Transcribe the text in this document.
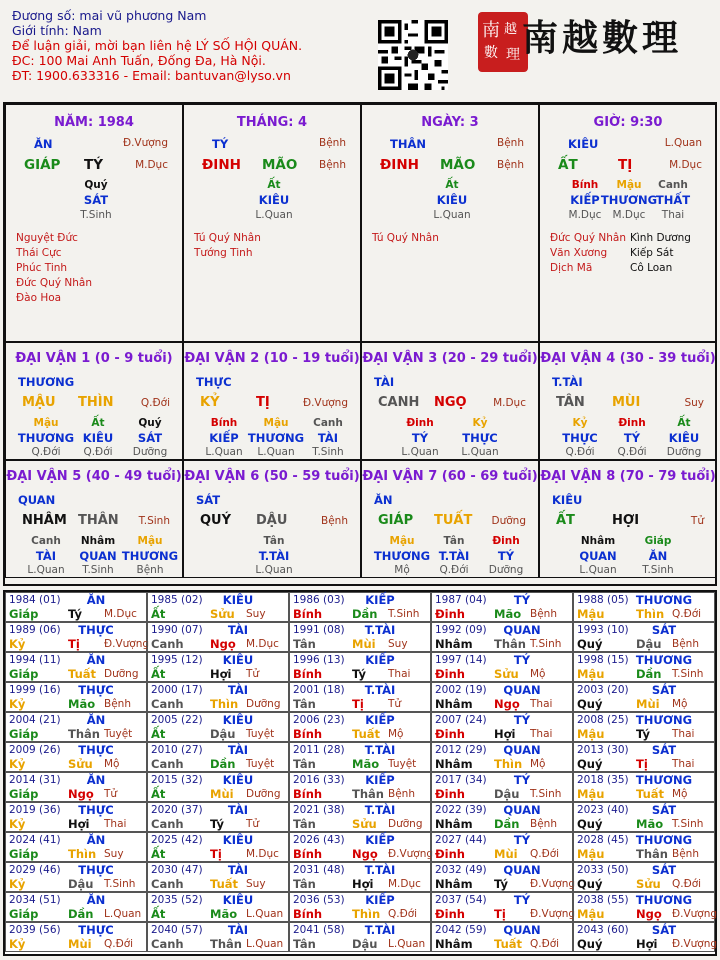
Đương số: mai vũ phương Nam
Giới tính: Nam
Để luận giải, mời bạn liên hệ LÝ SỐ HỘI QUÁN.
ĐC: 100 Mai Anh Tuấn, Đống Đa, Hà Nội.
ĐT: 1900.633316 - Email: bantuvan@lyso.vn
南 越
數 理 南越數理
NĂM: 1984
ĂN	Đ.Vượng
GIÁP TÝ	M.Dục
Quý
SÁT
T.Sinh
Nguyệt Đức
Thái Cực
Phúc Tinh
Đức Quý Nhân
Đào Hoa
THÁNG: 4
TÝ	Bệnh
ĐINH MÃO Bệnh
Ất
KIÊU
L.Quan
Tú Quý Nhân
Tướng Tinh
NGÀY: 3
THÂN	Bệnh
ĐINH MÃO Bệnh
Ất
KIÊU
L.Quan
Tú Quý Nhân
GIỜ: 9:30
KIÊU	L.Quan
ẤT	TỊ	M.Dục
Bính
KIẾP
M.Dục
Mậu
THƯƠNG
M.Dục
Canh
THẤT
Thai
Đức Quý Nhân
Văn Xương
Dịch Mã
Kình Dương
Kiếp Sát
Cô Loan
ĐẠI VẬN 1 (0 - 9 tuổi)
THƯƠNG
MẬU THÌN	Q.Đới
Mậu
THƯƠNG
Q.Đới
Ất
KIÊU
Q.Đới
Quý
SÁT
Dưỡng
ĐẠI VẬN 2 (10 - 19 tuổi)
THỰC
KỶ	TỊ	Đ.Vượng
Bính
KIẾP
L.Quan
Mậu
THƯƠNG
L.Quan
Canh
TÀI
T.Sinh
ĐẠI VẬN 3 (20 - 29 tuổi)
TÀI
CANH NGỌ	M.Dục
Đinh
TÝ
L.Quan
Kỷ
THỰC
L.Quan
ĐẠI VẬN 4 (30 - 39 tuổi)
T.TÀI
TÂN MÙI	Suy
Kỷ
THỰC
Q.Đới
Đinh
TÝ
Q.Đới
Ất
KIÊU
Dưỡng
ĐẠI VẬN 5 (40 - 49 tuổi)
QUAN
NHÂM THÂN T.Sinh
Canh
TÀI
L.Quan
Nhâm
QUAN
T.Sinh
Mậu
THƯƠNG
Bệnh
ĐẠI VẬN 6 (50 - 59 tuổi)
SÁT
QUÝ DẬU	Bệnh
Tân
T.TÀI
L.Quan
ĐẠI VẬN 7 (60 - 69 tuổi)
ĂN
GIÁP TUẤT Dưỡng
Mậu
THƯƠNG
Mộ
Tân
T.TÀI
Q.Đới
Đinh
TÝ
Dưỡng
ĐẠI VẬN 8 (70 - 79 tuổi)
KIÊU
ẤT	HỢI	Tử
Nhâm
QUAN
L.Quan
Giáp
ĂN
T.Sinh
1984 (01) ĂN
Giáp	Tý M.Dục
1985 (02) KIÊU
Ất	Sửu Suy
1986 (03) KIẾP
Bính	Dần T.Sinh
1987 (04) TÝ
Đinh	Mão Bệnh
1988 (05) THƯƠNG
Mậu	Thìn Q.Đới
1989 (06) THỰC
Kỷ	Tị Đ.Vượng
1990 (07) TÀI
Canh Ngọ M.Dục
1991 (08) T.TÀI
Tân	Mùi Suy
1992 (09) QUAN
Nhâm Thân T.Sinh
1993 (10) SÁT
Quý	Dậu Bệnh
1994 (11) ĂN
Giáp	Tuất Dưỡng
1995 (12) KIÊU
Ất	Hợi Tử
1996 (13) KIẾP
Bính	Tý Thai
1997 (14) TÝ
Đinh	Sửu Mộ
1998 (15) THƯƠNG
Mậu	Dần T.Sinh
1999 (16) THỰC
Kỷ	Mão Bệnh
2000 (17) TÀI
Canh Thìn Dưỡng
2001 (18) T.TÀI
Tân	Tị Tử
2002 (19) QUAN
Nhâm Ngọ Thai
2003 (20) SÁT
Quý	Mùi Mộ
2004 (21) ĂN
Giáp	Thân Tuyệt
2005 (22) KIÊU
Ất	Dậu Tuyệt
2006 (23) KIẾP
Bính	Tuất Mộ
2007 (24) TÝ
Đinh	Hợi Thai
2008 (25) THƯƠNG
Mậu	Tý Thai
2009 (26) THỰC
Kỷ	Sửu Mộ
2010 (27) TÀI
Canh Dần Tuyệt
2011 (28) T.TÀI
Tân	Mão Tuyệt
2012 (29) QUAN
Nhâm Thìn Mộ
2013 (30) SÁT
Quý	Tị Thai
2014 (31) ĂN
Giáp	Ngọ Tử
2015 (32) KIÊU
Ất	Mùi Dưỡng
2016 (33) KIẾP
Bính	Thân Bệnh
2017 (34) TÝ
Đinh	Dậu T.Sinh
2018 (35) THƯƠNG
Mậu	Tuất Mộ
2019 (36) THỰC
Kỷ	Hợi Thai
2020 (37) TÀI
Canh Tý Tử
2021 (38) T.TÀI
Tân	Sửu Dưỡng
2022 (39) QUAN
Nhâm Dần Bệnh
2023 (40) SÁT
Quý	Mão T.Sinh
2024 (41) ĂN
Giáp	Thìn Suy
2025 (42) KIÊU
Ất	Tị M.Dục
2026 (43) KIẾP
Bính	Ngọ Đ.Vượng
2027 (44) TÝ
Đinh	Mùi Q.Đới
2028 (45) THƯƠNG
Mậu	Thân Bệnh
2029 (46) THỰC
Kỷ	Dậu T.Sinh
2030 (47) TÀI
Canh Tuất Suy
2031 (48) T.TÀI
Tân	Hợi M.Dục
2032 (49) QUAN
Nhâm Tý Đ.Vượng
2033 (50) SÁT
Quý	Sửu Q.Đới
2034 (51) ĂN
Giáp	Dần L.Quan
2035 (52) KIÊU
Ất	Mão L.Quan
2036 (53) KIẾP
Bính	Thìn Q.Đới
2037 (54) TÝ
Đinh	Tị Đ.Vượng
2038 (55) THƯƠNG
Mậu	Ngọ Đ.Vượng
2039 (56) THỰC
Kỷ	Mùi Q.Đới
2040 (57) TÀI
Canh Thân L.Quan
2041 (58) T.TÀI
Tân	Dậu L.Quan
2042 (59) QUAN
Nhâm Tuất Q.Đới
2043 (60) SÁT
Quý	Hợi Đ.Vượng
